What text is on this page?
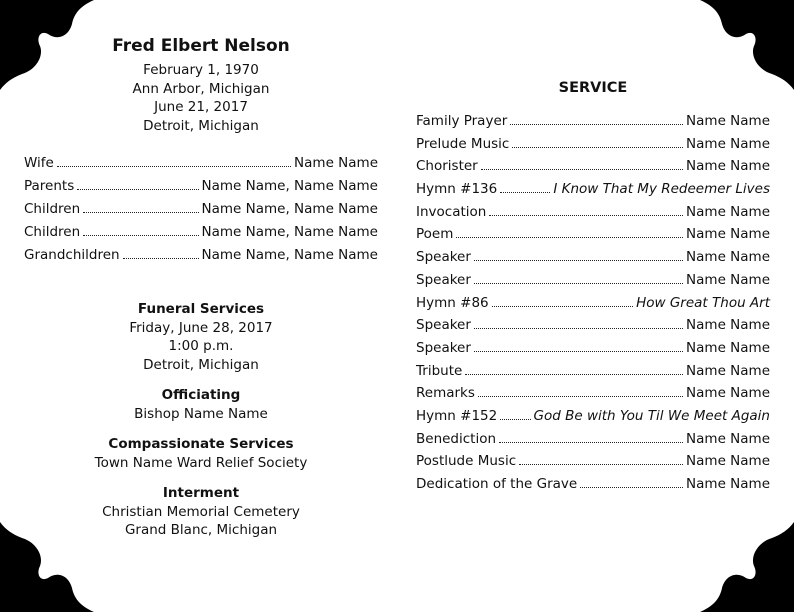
Fred Elbert Nelson
February 1, 1970
Ann Arbor, Michigan
June 21, 2017
Detroit, Michigan
Wife	Name Name
Parents	Name Name, Name Name
Children	Name Name, Name Name
Children	Name Name, Name Name
Grandchildren	Name Name, Name Name
Funeral Services
Friday, June 28, 2017
1:00 p.m.
Detroit, Michigan
Officiating
Bishop Name Name
Compassionate Services
Town Name Ward Relief Society
Interment
Christian Memorial Cemetery
Grand Blanc, Michigan
SERVICE
Family Prayer	Name Name
Prelude Music	Name Name
Chorister	Name Name
Hymn #136	I Know That My Redeemer Lives
Invocation	Name Name
Poem	Name Name
Speaker	Name Name
Speaker	Name Name
Hymn #86	How Great Thou Art
Speaker	Name Name
Speaker	Name Name
Tribute	Name Name
Remarks	Name Name
Hymn #152	God Be with You Til We Meet Again
Benediction	Name Name
Postlude Music	Name Name
Dedication of the Grave	Name Name
